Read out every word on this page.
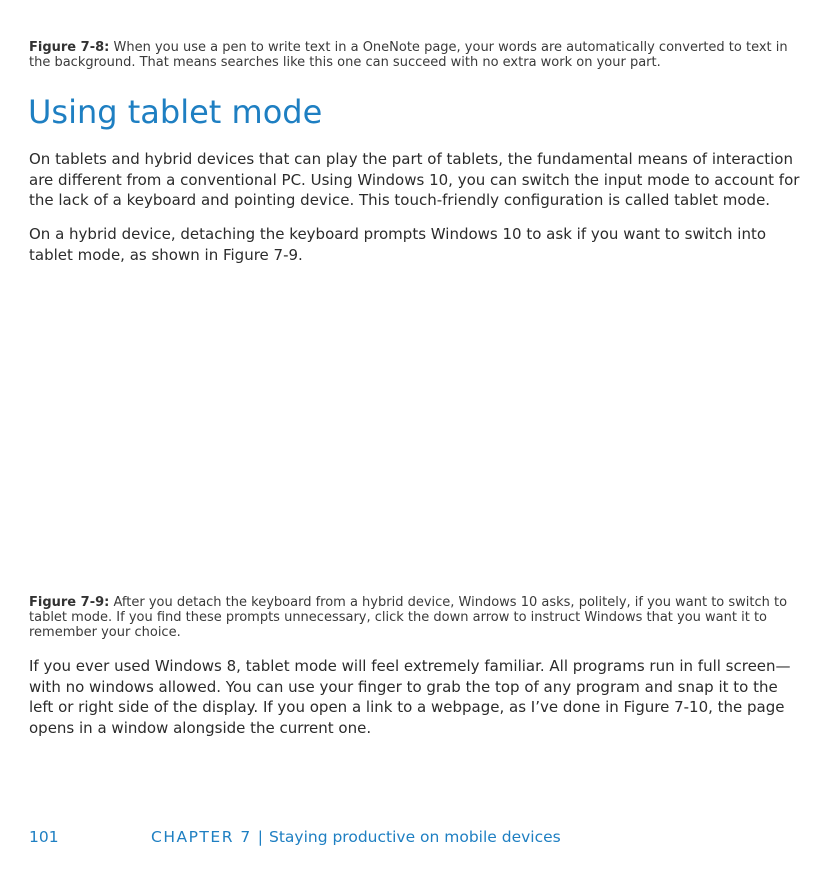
Figure 7-8: When you use a pen to write text in a OneNote page, your words are automatically converted to text in the background. That means searches like this one can succeed with no extra work on your part.

Using tablet mode

On tablets and hybrid devices that can play the part of tablets, the fundamental means of interaction are different from a conventional PC. Using Windows 10, you can switch the input mode to account for the lack of a keyboard and pointing device. This touch-friendly configuration is called tablet mode.

On a hybrid device, detaching the keyboard prompts Windows 10 to ask if you want to switch into tablet mode, as shown in Figure 7-9.

Figure 7-9: After you detach the keyboard from a hybrid device, Windows 10 asks, politely, if you want to switch to tablet mode. If you find these prompts unnecessary, click the down arrow to instruct Windows that you want it to remember your choice.

If you ever used Windows 8, tablet mode will feel extremely familiar. All programs run in full screen—with no windows allowed. You can use your finger to grab the top of any program and snap it to the left or right side of the display. If you open a link to a webpage, as I’ve done in Figure 7-10, the page opens in a window alongside the current one.

101	CHAPTER 7 | Staying productive on mobile devices
